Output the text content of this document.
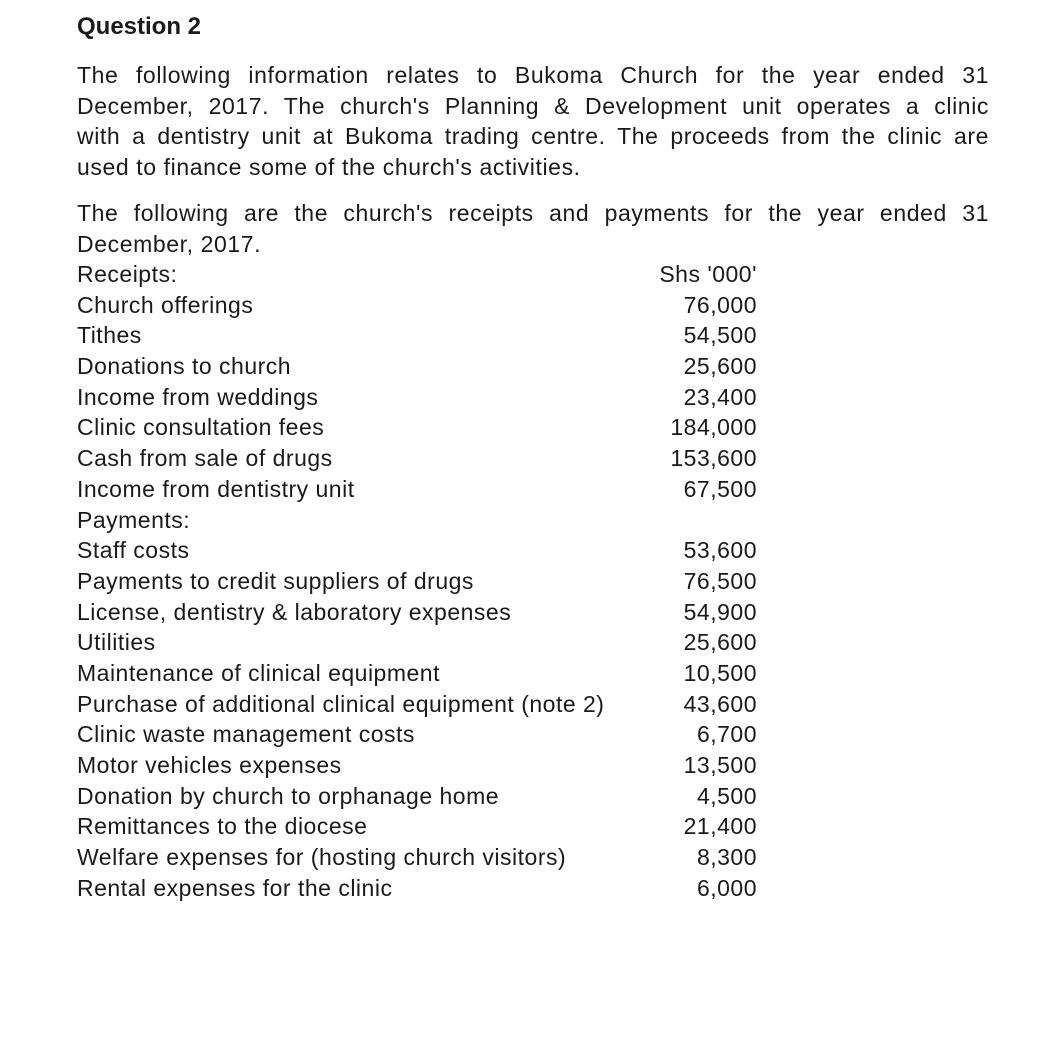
Question 2
The following information relates to Bukoma Church for the year ended 31
December, 2017. The church's Planning & Development unit operates a clinic
with a dentistry unit at Bukoma trading centre. The proceeds from the clinic are
used to finance some of the church's activities.
The following are the church's receipts and payments for the year ended 31
December, 2017.
Receipts:	Shs '000'
Church offerings	76,000
Tithes	54,500
Donations to church	25,600
Income from weddings	23,400
Clinic consultation fees	184,000
Cash from sale of drugs	153,600
Income from dentistry unit	67,500
Payments:
Staff costs	53,600
Payments to credit suppliers of drugs	76,500
License, dentistry & laboratory expenses	54,900
Utilities	25,600
Maintenance of clinical equipment	10,500
Purchase of additional clinical equipment (note 2)	43,600
Clinic waste management costs	6,700
Motor vehicles expenses	13,500
Donation by church to orphanage home	4,500
Remittances to the diocese	21,400
Welfare expenses for (hosting church visitors)	8,300
Rental expenses for the clinic	6,000
